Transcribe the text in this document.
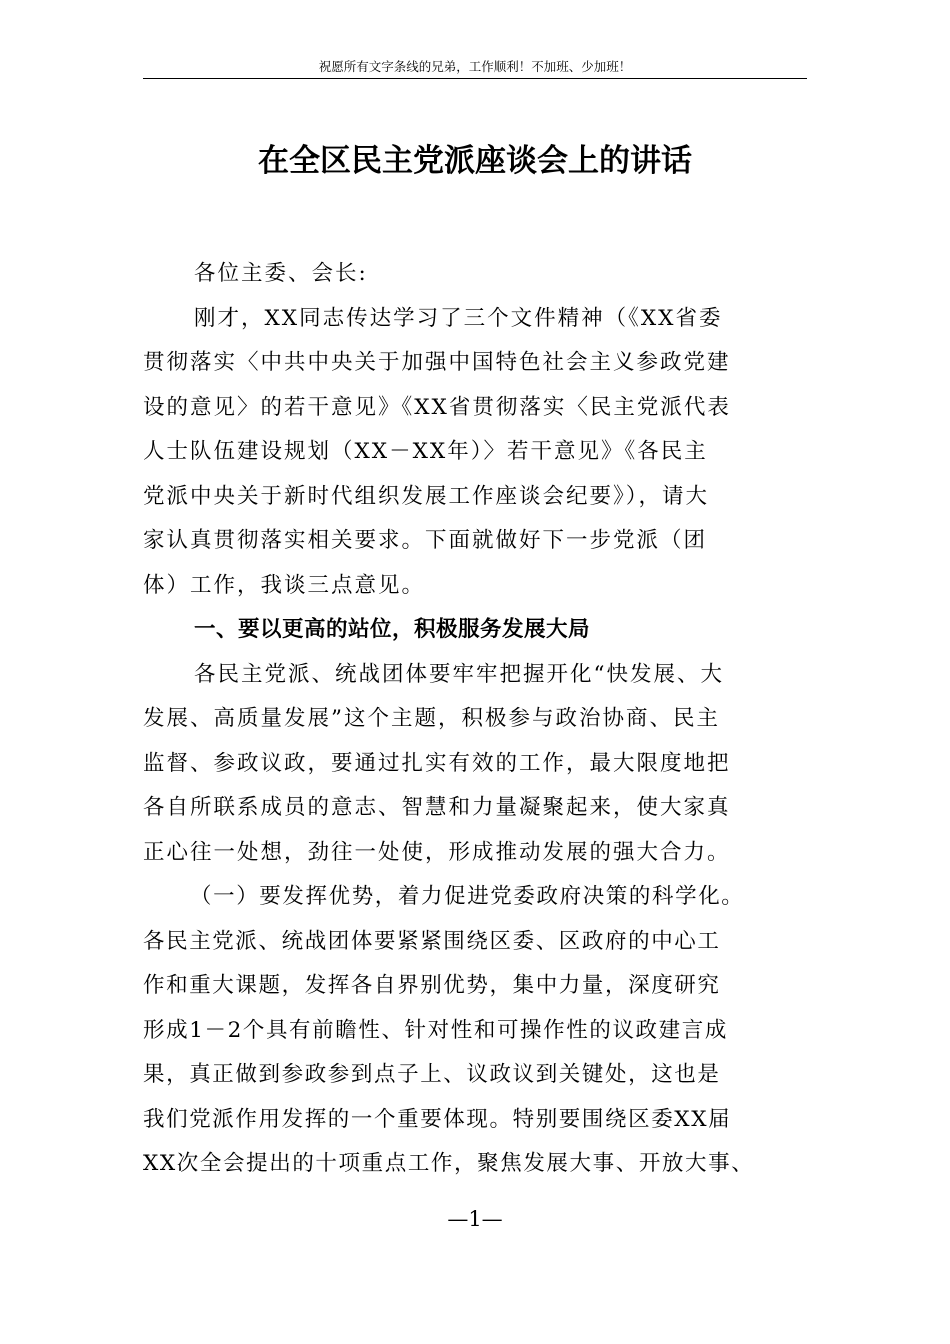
祝愿所有文字条线的兄弟，工作顺利！不加班、少加班！
在全区民主党派座谈会上的讲话

各位主委、会长:

刚才，XX同志传达学习了三个文件精神（《XX省委
贯彻落实〈中共中央关于加强中国特色社会主义参政党建
设的意见〉的若干意见》《XX省贯彻落实〈民主党派代表
人士队伍建设规划（XX－XX年）〉若干意见》《各民主
党派中央关于新时代组织发展工作座谈会纪要》），请大
家认真贯彻落实相关要求。下面就做好下一步党派（团
体）工作，我谈三点意见。

一、要以更高的站位，积极服务发展大局

各民主党派、统战团体要牢牢把握开化“快发展、大
发展、高质量发展”这个主题，积极参与政治协商、民主
监督、参政议政，要通过扎实有效的工作，最大限度地把
各自所联系成员的意志、智慧和力量凝聚起来，使大家真
正心往一处想，劲往一处使，形成推动发展的强大合力。

（一）要发挥优势，着力促进党委政府决策的科学化。
各民主党派、统战团体要紧紧围绕区委、区政府的中心工
作和重大课题，发挥各自界别优势，集中力量，深度研究
形成1－2个具有前瞻性、针对性和可操作性的议政建言成
果，真正做到参政参到点子上、议政议到关键处，这也是
我们党派作用发挥的一个重要体现。特别要围绕区委XX届
XX次全会提出的十项重点工作，聚焦发展大事、开放大事、

—1—
